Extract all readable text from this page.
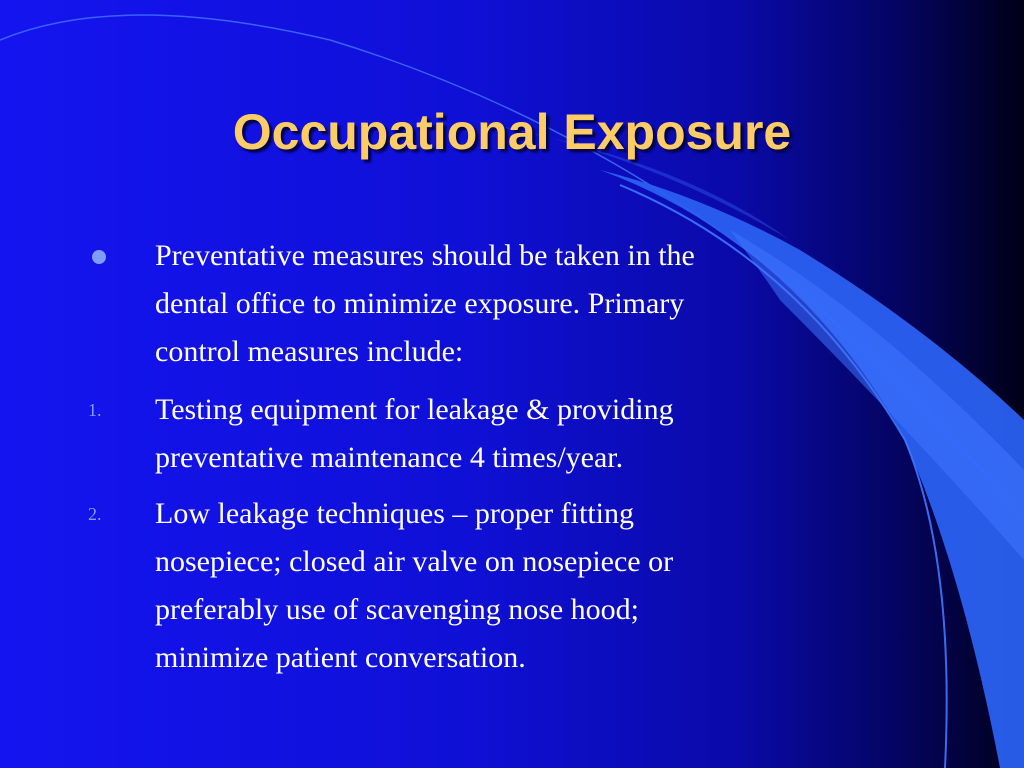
Occupational Exposure
Preventative measures should be taken in the
dental office to minimize exposure. Primary
control measures include:
1. Testing equipment for leakage & providing
preventative maintenance 4 times/year.
2. Low leakage techniques – proper fitting
nosepiece; closed air valve on nosepiece or
preferably use of scavenging nose hood;
minimize patient conversation.
